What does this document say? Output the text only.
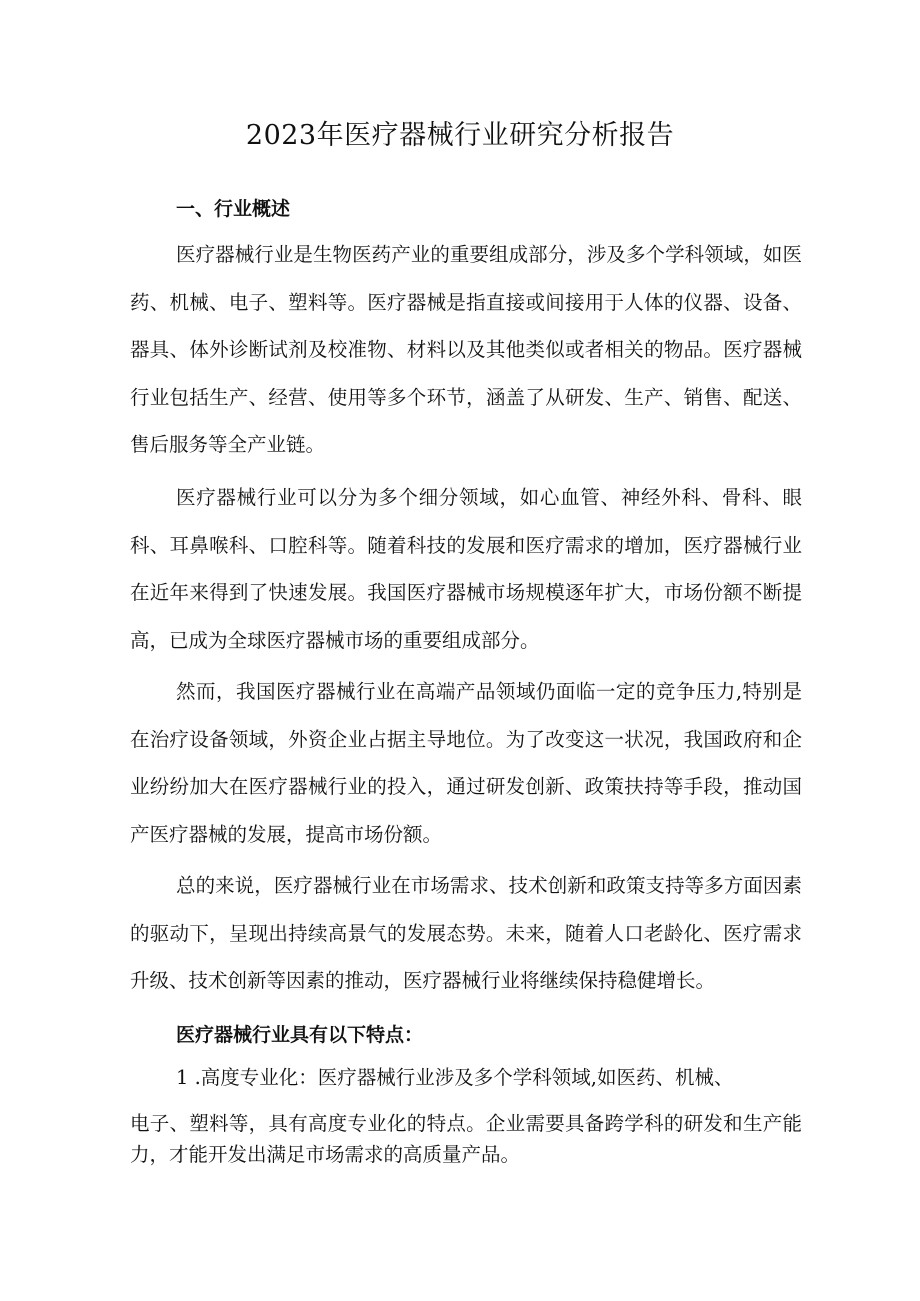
2023年医疗器械行业研究分析报告
一、行业概述

医疗器械行业是生物医药产业的重要组成部分，涉及多个学科领域，如医药、机械、电子、塑料等。医疗器械是指直接或间接用于人体的仪器、设备、器具、体外诊断试剂及校准物、材料以及其他类似或者相关的物品。医疗器械行业包括生产、经营、使用等多个环节，涵盖了从研发、生产、销售、配送、售后服务等全产业链。

医疗器械行业可以分为多个细分领域，如心血管、神经外科、骨科、眼科、耳鼻喉科、口腔科等。随着科技的发展和医疗需求的增加，医疗器械行业在近年来得到了快速发展。我国医疗器械市场规模逐年扩大，市场份额不断提高，已成为全球医疗器械市场的重要组成部分。

然而，我国医疗器械行业在高端产品领域仍面临一定的竞争压力,特别是在治疗设备领域，外资企业占据主导地位。为了改变这一状况，我国政府和企业纷纷加大在医疗器械行业的投入，通过研发创新、政策扶持等手段，推动国产医疗器械的发展，提高市场份额。

总的来说，医疗器械行业在市场需求、技术创新和政策支持等多方面因素的驱动下，呈现出持续高景气的发展态势。未来，随着人口老龄化、医疗需求升级、技术创新等因素的推动，医疗器械行业将继续保持稳健增长。

医疗器械行业具有以下特点：
1 .高度专业化：医疗器械行业涉及多个学科领域,如医药、机械、

电子、塑料等，具有高度专业化的特点。企业需要具备跨学科的研发和生产能力，才能开发出满足市场需求的高质量产品。
